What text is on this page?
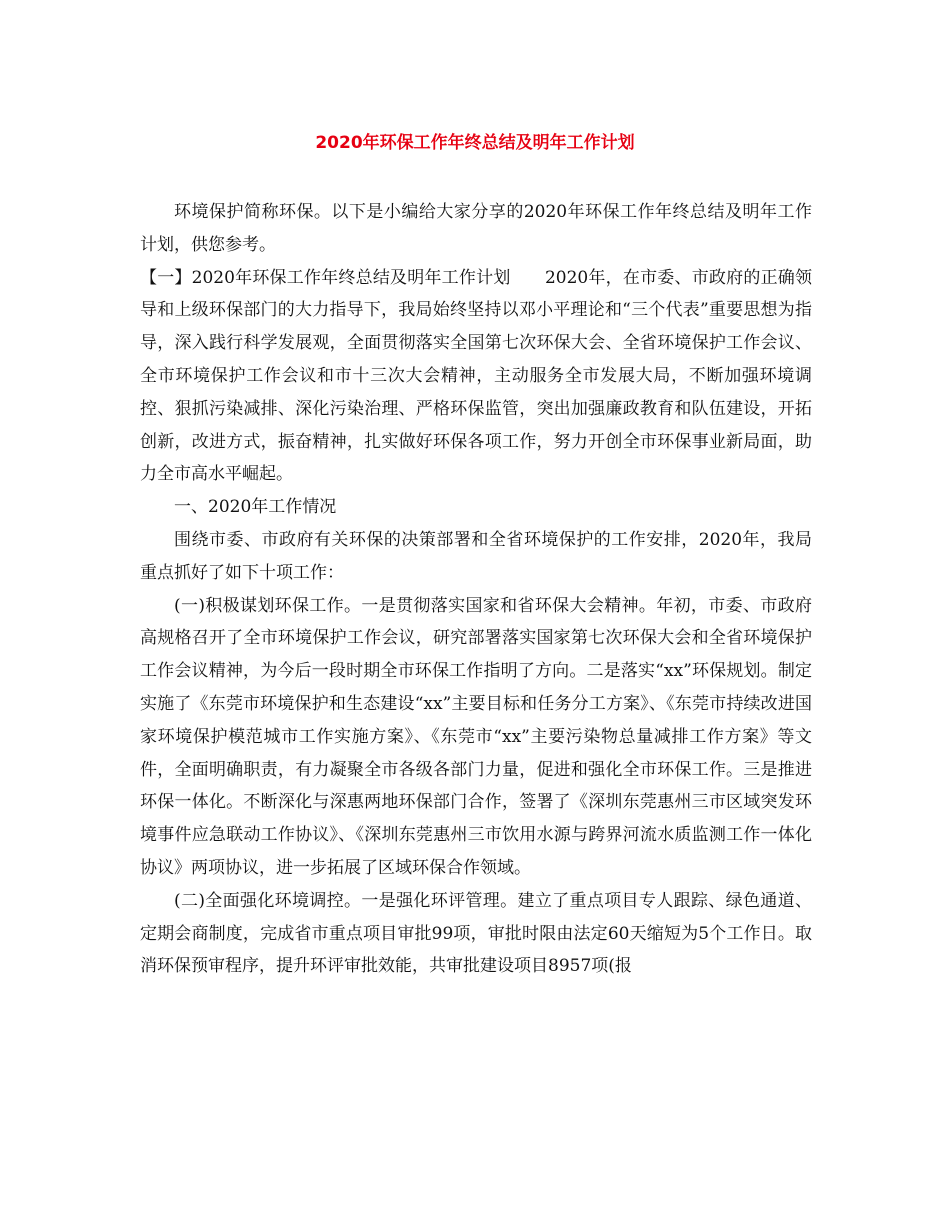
2020年环保工作年终总结及明年工作计划

环境保护简称环保。以下是小编给大家分享的2020年环保工作年终总结及明年工作计划，供您参考。

【一】2020年环保工作年终总结及明年工作计划　　2020年，在市委、市政府的正确领导和上级环保部门的大力指导下，我局始终坚持以邓小平理论和“三个代表”重要思想为指导，深入践行科学发展观，全面贯彻落实全国第七次环保大会、全省环境保护工作会议、全市环境保护工作会议和市十三次大会精神，主动服务全市发展大局，不断加强环境调控、狠抓污染减排、深化污染治理、严格环保监管，突出加强廉政教育和队伍建设，开拓创新，改进方式，振奋精神，扎实做好环保各项工作，努力开创全市环保事业新局面，助力全市高水平崛起。

一、2020年工作情况

围绕市委、市政府有关环保的决策部署和全省环境保护的工作安排，2020年，我局重点抓好了如下十项工作：

(一)积极谋划环保工作。一是贯彻落实国家和省环保大会精神。年初，市委、市政府高规格召开了全市环境保护工作会议，研究部署落实国家第七次环保大会和全省环境保护工作会议精神，为今后一段时期全市环保工作指明了方向。二是落实“xx”环保规划。制定实施了《东莞市环境保护和生态建设“xx”主要目标和任务分工方案》、《东莞市持续改进国家环境保护模范城市工作实施方案》、《东莞市“xx”主要污染物总量减排工作方案》等文件，全面明确职责，有力凝聚全市各级各部门力量，促进和强化全市环保工作。三是推进环保一体化。不断深化与深惠两地环保部门合作，签署了《深圳东莞惠州三市区域突发环境事件应急联动工作协议》、《深圳东莞惠州三市饮用水源与跨界河流水质监测工作一体化协议》两项协议，进一步拓展了区域环保合作领域。

(二)全面强化环境调控。一是强化环评管理。建立了重点项目专人跟踪、绿色通道、定期会商制度，完成省市重点项目审批99项，审批时限由法定60天缩短为5个工作日。取消环保预审程序，提升环评审批效能，共审批建设项目8957项(报
